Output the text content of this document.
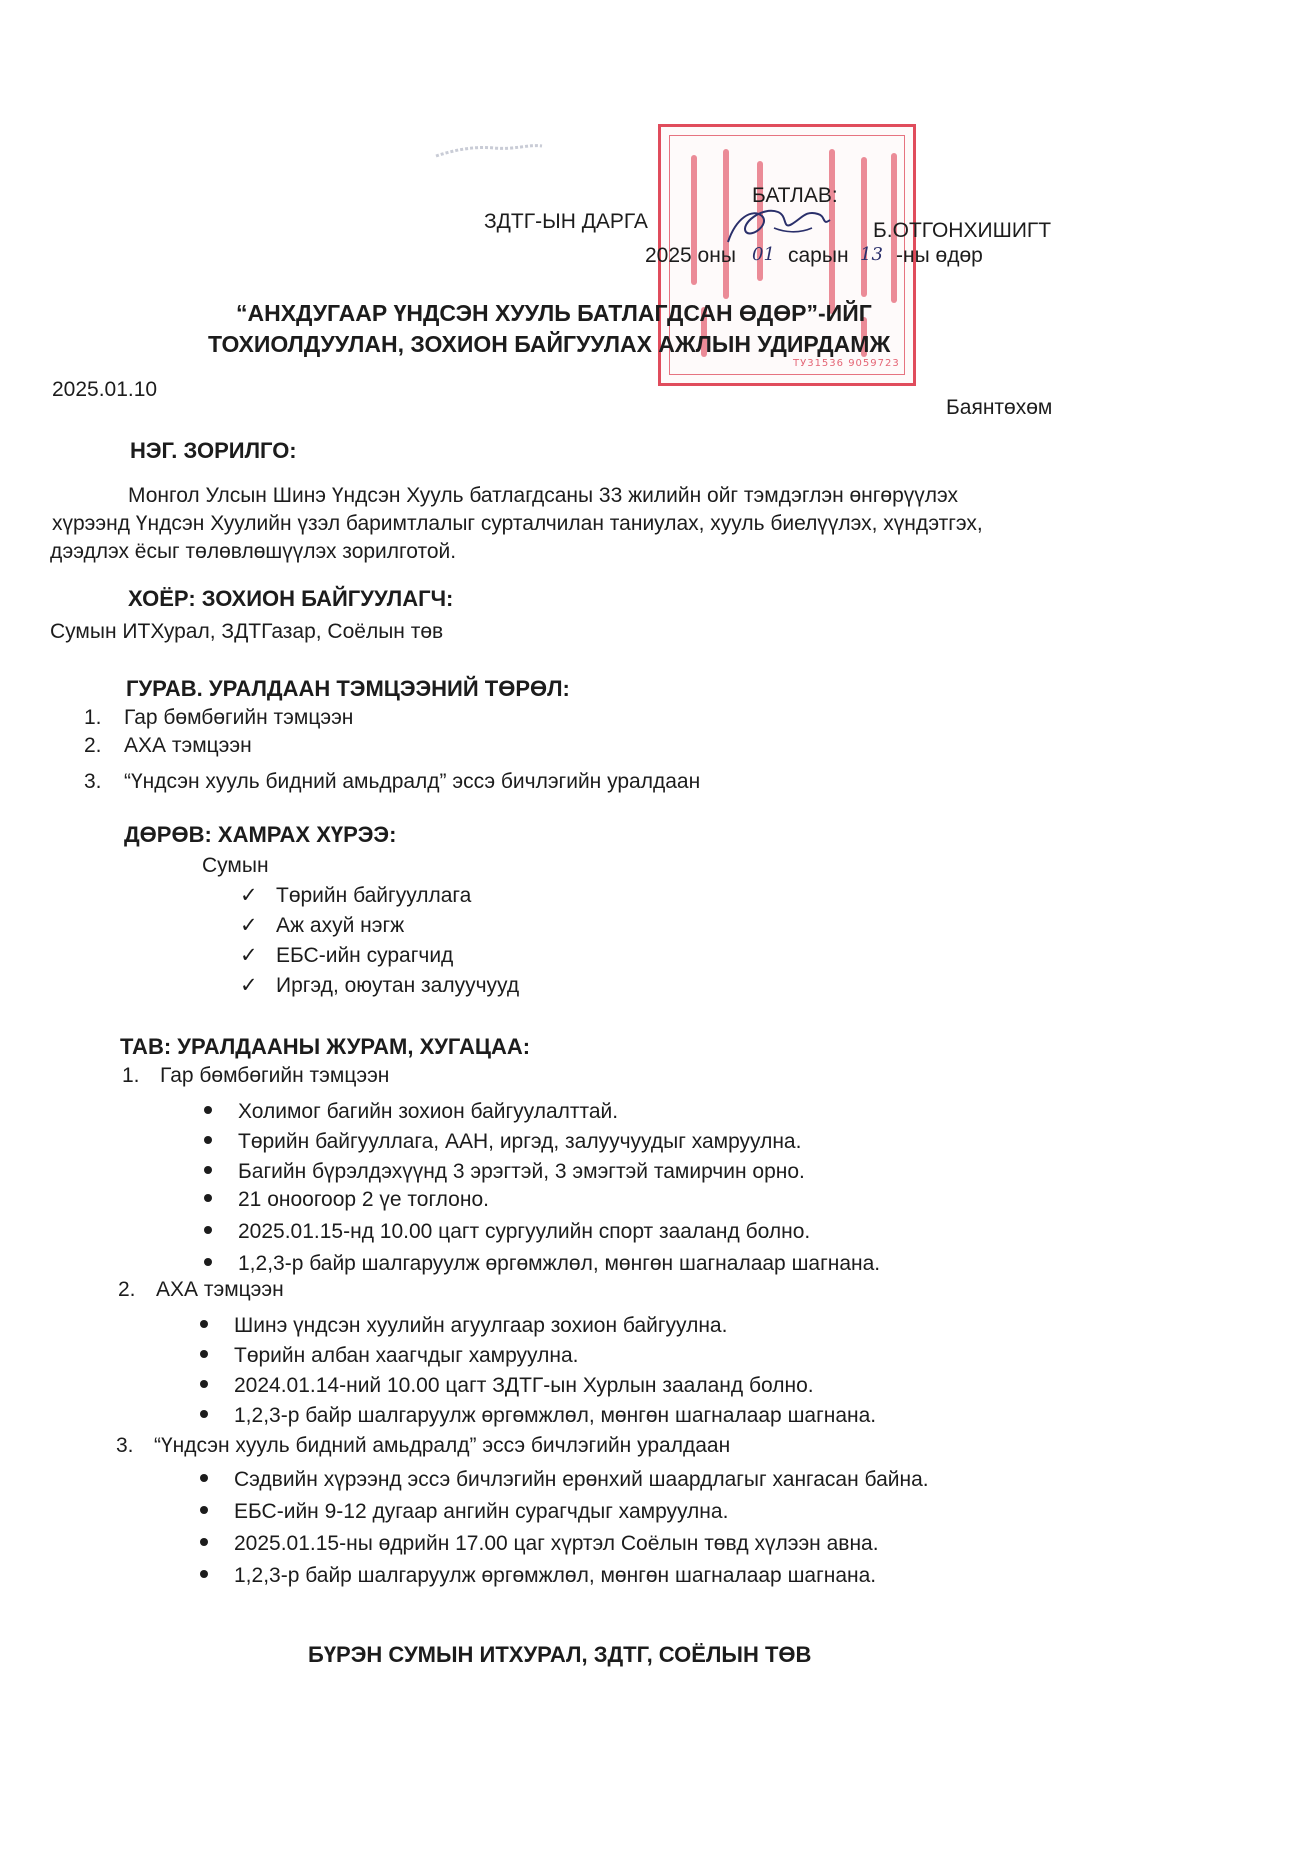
ТУ31536 9059723
БАТЛАВ:
ЗДТГ-ЫН ДАРГА	Б.ОТГОНХИШИГТ
2025 оны 01 сарын 13 -ны өдөр
“АНХДУГААР ҮНДСЭН ХУУЛЬ БАТЛАГДСАН ӨДӨР”-ИЙГ
ТОХИОЛДУУЛАН, ЗОХИОН БАЙГУУЛАХ АЖЛЫН УДИРДАМЖ
2025.01.10
Баянтөхөм
НЭГ. ЗОРИЛГО:
Монгол Улсын Шинэ Үндсэн Хууль батлагдсаны 33 жилийн ойг тэмдэглэн өнгөрүүлэх
хүрээнд Үндсэн Хуулийн үзэл баримтлалыг сурталчилан таниулах, хууль биелүүлэх, хүндэтгэх,
дээдлэх ёсыг төлөвлөшүүлэх зорилготой.
ХОЁР: ЗОХИОН БАЙГУУЛАГЧ:
Сумын ИТХурал, ЗДТГазар, Соёлын төв
ГУРАВ. УРАЛДААН ТЭМЦЭЭНИЙ ТӨРӨЛ:
1. Гар бөмбөгийн тэмцээн
2. АХА тэмцээн
3. “Үндсэн хууль бидний амьдралд” эссэ бичлэгийн уралдаан
ДӨРӨВ: ХАМРАХ ХҮРЭЭ:
Сумын
✓ Төрийн байгууллага
✓ Аж ахуй нэгж
✓ ЕБС-ийн сурагчид
✓ Иргэд, оюутан залуучууд
ТАВ: УРАЛДААНЫ ЖУРАМ, ХУГАЦАА:
1. Гар бөмбөгийн тэмцээн
Холимог багийн зохион байгуулалттай.
Төрийн байгууллага, ААН, иргэд, залуучуудыг хамруулна.
Багийн бүрэлдэхүүнд 3 эрэгтэй, 3 эмэгтэй тамирчин орно.
21 оноогоор 2 үе тоглоно.
2025.01.15-нд 10.00 цагт сургуулийн спорт зааланд болно.
1,2,3-р байр шалгаруулж өргөмжлөл, мөнгөн шагналаар шагнана.
2. АХА тэмцээн
Шинэ үндсэн хуулийн агуулгаар зохион байгуулна.
Төрийн албан хаагчдыг хамруулна.
2024.01.14-ний 10.00 цагт ЗДТГ-ын Хурлын зааланд болно.
1,2,3-р байр шалгаруулж өргөмжлөл, мөнгөн шагналаар шагнана.
3. “Үндсэн хууль бидний амьдралд” эссэ бичлэгийн уралдаан
Сэдвийн хүрээнд эссэ бичлэгийн ерөнхий шаардлагыг хангасан байна.
ЕБС-ийн 9-12 дугаар ангийн сурагчдыг хамруулна.
2025.01.15-ны өдрийн 17.00 цаг хүртэл Соёлын төвд хүлээн авна.
1,2,3-р байр шалгаруулж өргөмжлөл, мөнгөн шагналаар шагнана.
БҮРЭН СУМЫН ИТХУРАЛ, ЗДТГ, СОЁЛЫН ТӨВ
